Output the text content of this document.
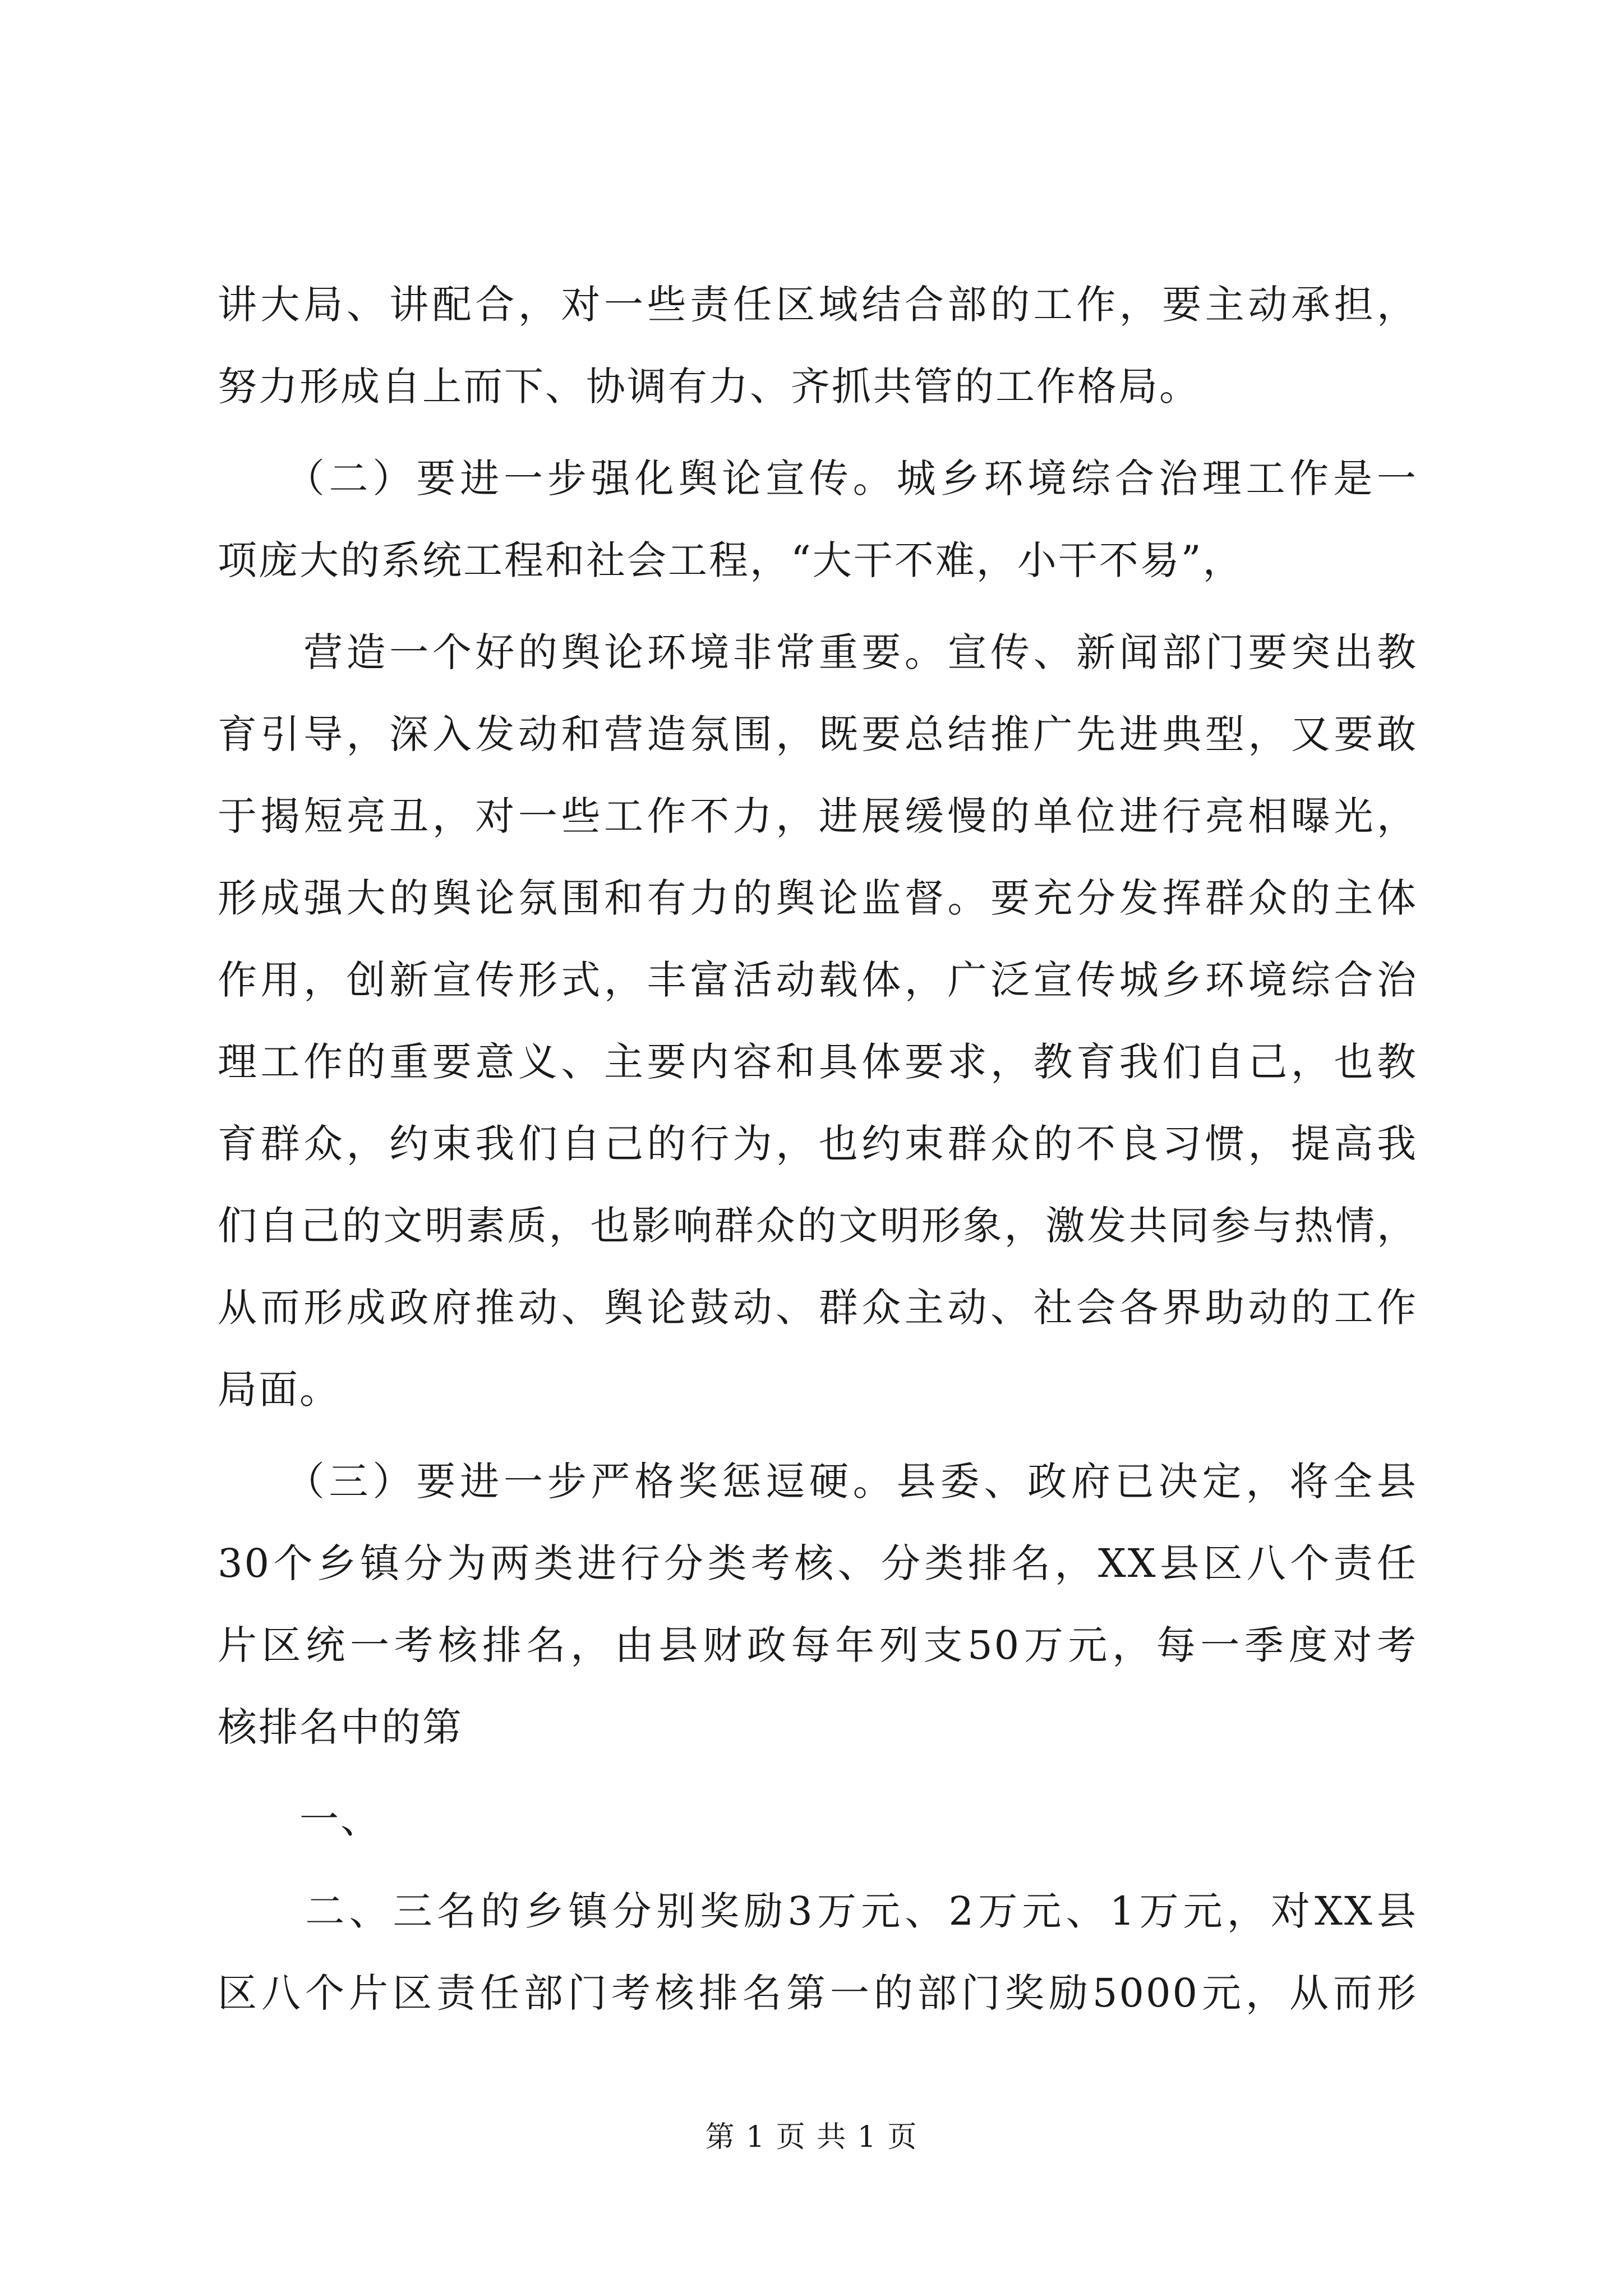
讲大局、讲配合，对一些责任区域结合部的工作，要主动承担，
努力形成自上而下、协调有力、齐抓共管的工作格局。
　　（二）要进一步强化舆论宣传。城乡环境综合治理工作是一
项庞大的系统工程和社会工程，“大干不难，小干不易”，
　　营造一个好的舆论环境非常重要。宣传、新闻部门要突出教
育引导，深入发动和营造氛围，既要总结推广先进典型，又要敢
于揭短亮丑，对一些工作不力，进展缓慢的单位进行亮相曝光，
形成强大的舆论氛围和有力的舆论监督。要充分发挥群众的主体
作用，创新宣传形式，丰富活动载体，广泛宣传城乡环境综合治
理工作的重要意义、主要内容和具体要求，教育我们自己，也教
育群众，约束我们自己的行为，也约束群众的不良习惯，提高我
们自己的文明素质，也影响群众的文明形象，激发共同参与热情，
从而形成政府推动、舆论鼓动、群众主动、社会各界助动的工作
局面。
　　（三）要进一步严格奖惩逗硬。县委、政府已决定，将全县
30个乡镇分为两类进行分类考核、分类排名，XX县区八个责任
片区统一考核排名，由县财政每年列支50万元，每一季度对考
核排名中的第
　　一、
　　二、三名的乡镇分别奖励3万元、2万元、1万元，对XX县
区八个片区责任部门考核排名第一的部门奖励5000元，从而形
第 1 页 共 1 页
